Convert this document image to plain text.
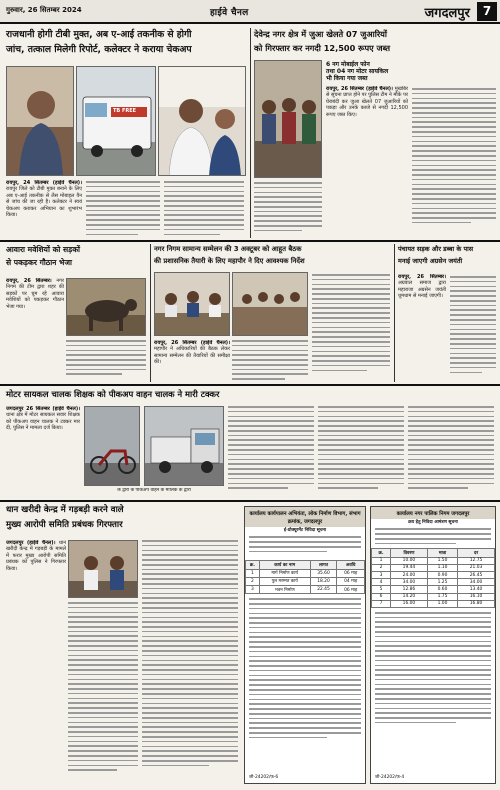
गुरुवार, 26 सितम्बर 2024	हाईवे चैनल	जगदलपुर	7
राजधानी होगी टीबी मुक्त, अब ए-आई तकनीक से होगी
जांच, तत्काल मिलेगी रिपोर्ट, कलेक्टर ने कराया चेकअप
TB FREE
रायपुर, 24 सितम्बर (हाईवे चैनल)। रायपुर जिले को टीबी मुक्त बनाने के लिए अब ए-आई तकनीक से लैस मोबाइल वैन से जांच की जा रही है। कलेक्टर ने स्वयं चेकअप कराकर अभियान का शुभारंभ किया।
देवेन्द्र नगर क्षेत्र में जुआ खेलते 07 जुआरियों
को गिरफ्तार कर नगदी 12,500 रूपए जब्त
6 नग मोबाईल फोन
तथा 04 नग मोटर सायकिल
भी किया गया जब्त
रायपुर, 26 सितम्बर (हाईवे चैनल)। मुखबिर से सूचना प्राप्त होने पर पुलिस टीम ने मौके पर घेराबंदी कर जुआ खेलते 07 जुआरियों को पकड़ा और उनके कब्जे से नगदी 12,500 रूपए जब्त किए।
आवारा मवेशियों को सड़कों
से पकड़कर गौठान भेजा
रायपुर, 26 सितम्बर। नगर निगम की टीम द्वारा शहर की सड़कों पर घूम रहे आवारा मवेशियों को पकड़कर गौठान भेजा गया।
नगर निगम सामान्य सम्मेलन की 3 अक्टूबर को आहूत बैठक
की प्रशासनिक तैयारी के लिए महापौर ने दिए आवश्यक निर्देश
रायपुर, 26 सितम्बर (हाईवे चैनल)। महापौर ने अधिकारियों की बैठक लेकर सामान्य सम्मेलन की तैयारियों की समीक्षा की।
पंचायत सड़क और डब्बा के पास
मनाई जाएगी अग्रसेन जयंती
रायपुर, 26 सितम्बर। अग्रवाल समाज द्वारा महाराजा अग्रसेन जयंती धूमधाम से मनाई जाएगी।
मोटर सायकल चालक शिक्षक को पीकअप वाहन चालक ने मारी टक्कर
जगदलपुर 26 सितम्बर (हाईवे चैनल)। थाना क्षेत्र में मोटर सायकल सवार शिक्षक को पीकअप वाहन चालक ने टक्कर मार दी, पुलिस ने मामला दर्ज किया।
के द्वारा के पीकअप वाहन के मालिक के द्वारा
धान खरीदी केन्द्र में गड़बड़ी करने वाले
मुख्य आरोपी समिति प्रबंधक गिरफ्तार
जगदलपुर (हाईवे चैनल)। धान खरीदी केन्द्र में गड़बड़ी के मामले में फरार मुख्य आरोपी समिति प्रबंधक को पुलिस ने गिरफ्तार किया।
कार्यालय कार्यपालन अभियंता, लोक निर्माण विभाग, संभाग क्रमांक, जगदलपुर
ई-प्रोक्यूरमेंट निविदा सूचना
क्र.	कार्य का नाम	लागत	अवधि
1	मार्ग निर्माण कार्य	35.60	06 माह
2	पुल मरम्मत कार्य	18.20	04 माह
3	भवन निर्माण	22.45	06 माह
जी-24202/फ़-6
कार्यालय नगर पालिक निगम जगदलपुर
क्रय हेतु निविदा आमंत्रण सूचना
क्र.	विवरण	मात्रा	दर
1	10.00	1.50	12.75
2	19.44	1.10	21.03
3	24.00	0.90	26.45
4	34.00	1.25	34.00
5	12.86	0.60	13.40
6	14.20	1.75	16.10
7	16.00	1.00	16.80
जी-24202/फ़-4
